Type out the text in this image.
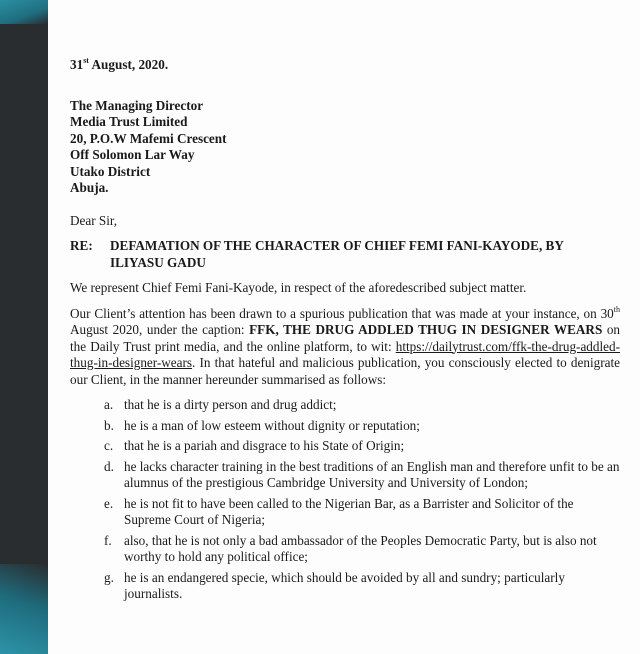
31st August, 2020.
The Managing Director
Media Trust Limited
20, P.O.W Mafemi Crescent
Off Solomon Lar Way
Utako District
Abuja.
Dear Sir,
RE:	DEFAMATION OF THE CHARACTER OF CHIEF FEMI FANI-KAYODE, BY ILIYASU GADU

We represent Chief Femi Fani-Kayode, in respect of the aforedescribed subject matter.

Our Client’s attention has been drawn to a spurious publication that was made at your instance, on 30th August 2020, under the caption: FFK, THE DRUG ADDLED THUG IN DESIGNER WEARS on the Daily Trust print media, and the online platform, to wit: https://dailytrust.com/ffk-the-drug-addled-thug-in-designer-wears. In that hateful and malicious publication, you consciously elected to denigrate our Client, in the manner hereunder summarised as follows:

a. that he is a dirty person and drug addict;
b. he is a man of low esteem without dignity or reputation;
c. that he is a pariah and disgrace to his State of Origin;
d. he lacks character training in the best traditions of an English man and therefore unfit to be an alumnus of the prestigious Cambridge University and University of London;
e. he is not fit to have been called to the Nigerian Bar, as a Barrister and Solicitor of the Supreme Court of Nigeria;
f. also, that he is not only a bad ambassador of the Peoples Democratic Party, but is also not worthy to hold any political office;
g. he is an endangered specie, which should be avoided by all and sundry; particularly journalists.
